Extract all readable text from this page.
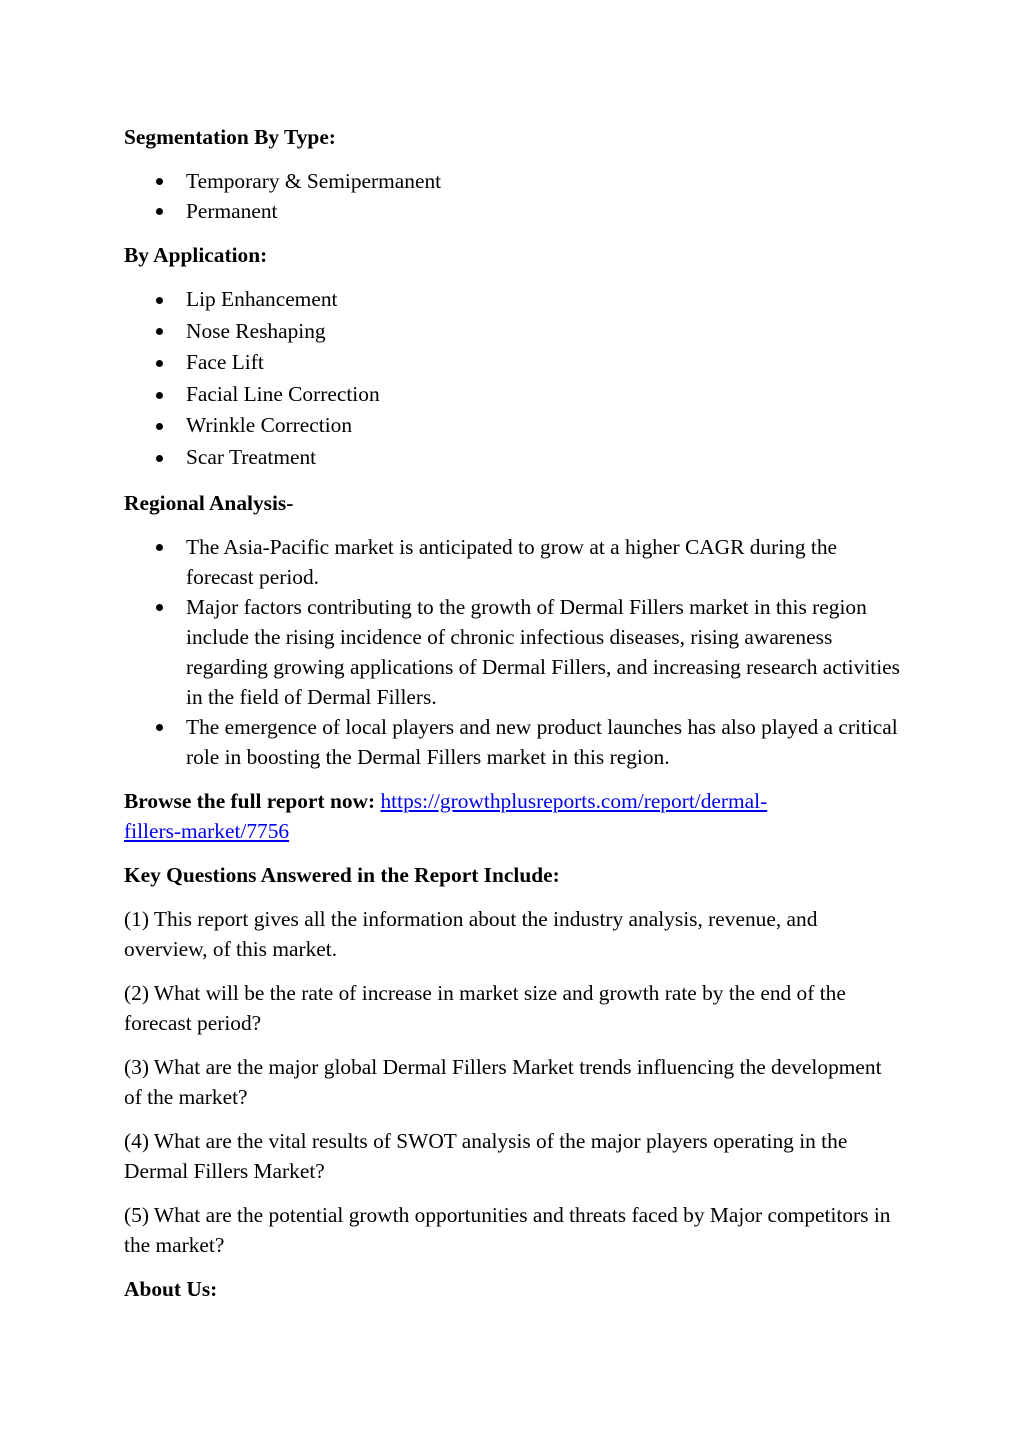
Segmentation By Type:

Temporary & Semipermanent
Permanent

By Application:

Lip Enhancement
Nose Reshaping
Face Lift
Facial Line Correction
Wrinkle Correction
Scar Treatment

Regional Analysis-

The Asia-Pacific market is anticipated to grow at a higher CAGR during the forecast period.
Major factors contributing to the growth of Dermal Fillers market in this region include the rising incidence of chronic infectious diseases, rising awareness regarding growing applications of Dermal Fillers, and increasing research activities in the field of Dermal Fillers.
The emergence of local players and new product launches has also played a critical role in boosting the Dermal Fillers market in this region.

Browse the full report now: https://growthplusreports.com/report/dermal-
fillers-market/7756

Key Questions Answered in the Report Include:

(1) This report gives all the information about the industry analysis, revenue, and overview, of this market.

(2) What will be the rate of increase in market size and growth rate by the end of the forecast period?

(3) What are the major global Dermal Fillers Market trends influencing the development of the market?

(4) What are the vital results of SWOT analysis of the major players operating in the Dermal Fillers Market?

(5) What are the potential growth opportunities and threats faced by Major competitors in the market?

About Us:
